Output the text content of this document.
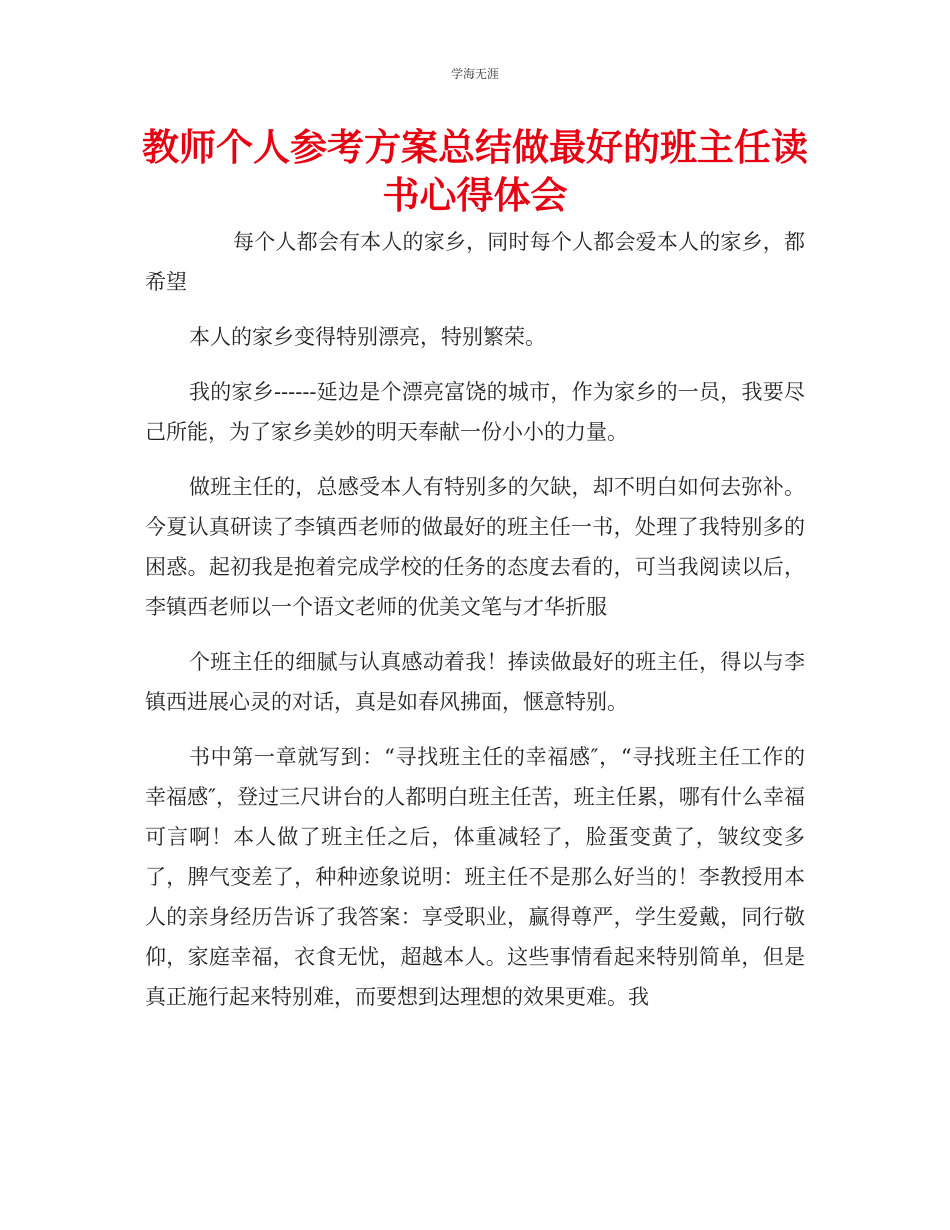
学海无涯
教师个人参考方案总结做最好的班主任读书心得体会

每个人都会有本人的家乡，同时每个人都会爱本人的家乡，都希望

本人的家乡变得特别漂亮，特别繁荣。

我的家乡------延边是个漂亮富饶的城市，作为家乡的一员，我要尽己所能，为了家乡美妙的明天奉献一份小小的力量。

做班主任的，总感受本人有特别多的欠缺，却不明白如何去弥补。今夏认真研读了李镇西老师的做最好的班主任一书，处理了我特别多的困惑。起初我是抱着完成学校的任务的态度去看的，可当我阅读以后，李镇西老师以一个语文老师的优美文笔与才华折服

个班主任的细腻与认真感动着我！捧读做最好的班主任，得以与李镇西进展心灵的对话，真是如春风拂面，惬意特别。

书中第一章就写到：“寻找班主任的幸福感″，“寻找班主任工作的幸福感″，登过三尺讲台的人都明白班主任苦，班主任累，哪有什么幸福可言啊！本人做了班主任之后，体重减轻了，脸蛋变黄了，皱纹变多了，脾气变差了，种种迹象说明：班主任不是那么好当的！李教授用本人的亲身经历告诉了我答案：享受职业，赢得尊严，学生爱戴，同行敬仰，家庭幸福，衣食无忧，超越本人。这些事情看起来特别简单，但是真正施行起来特别难，而要想到达理想的效果更难。我
